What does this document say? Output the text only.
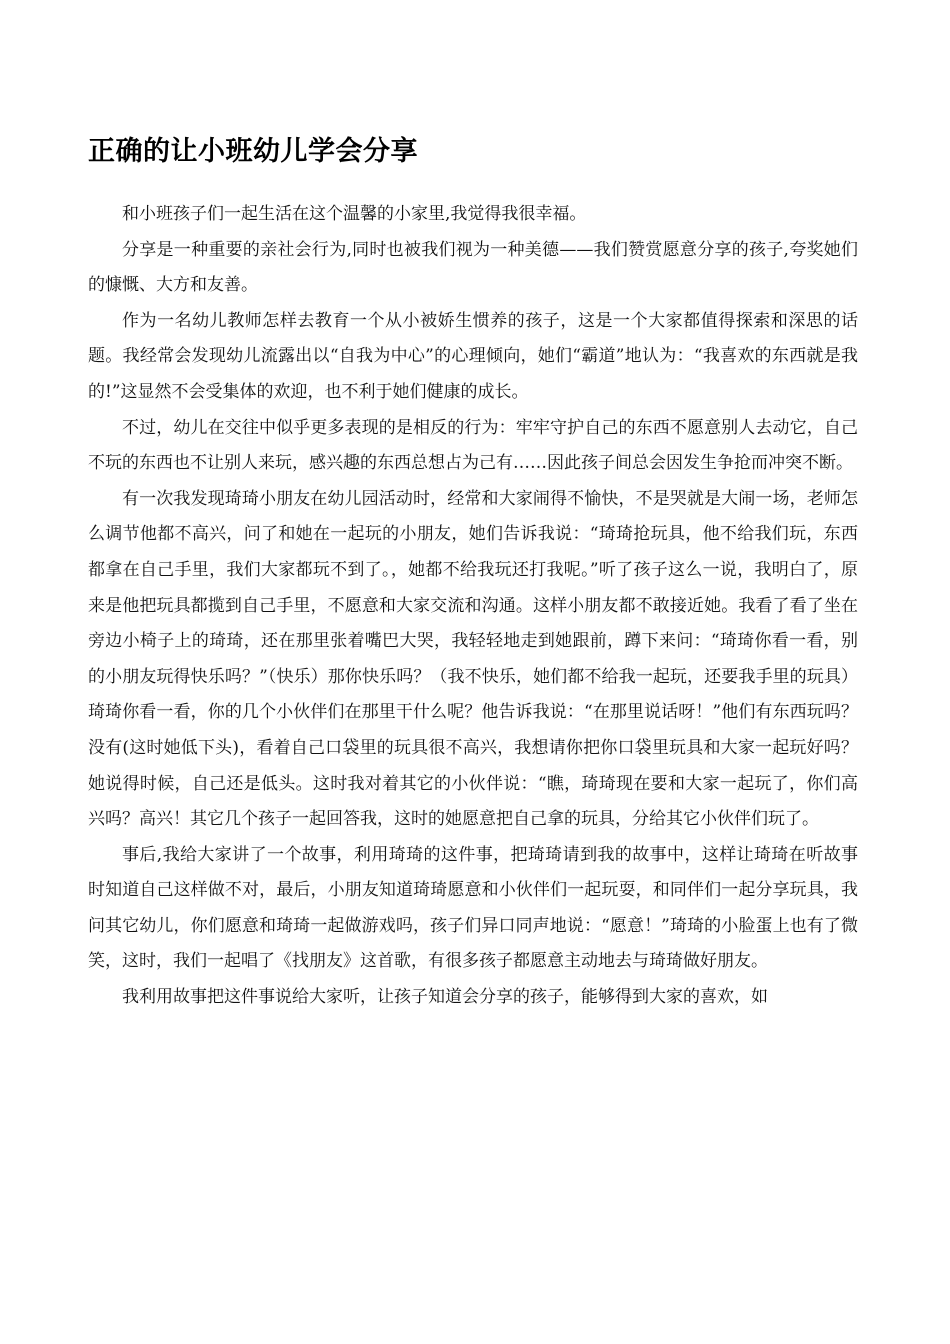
正确的让小班幼儿学会分享

和小班孩子们一起生活在这个温馨的小家里,我觉得我很幸福。

分享是一种重要的亲社会行为,同时也被我们视为一种美德——我们赞赏愿意分享的孩子,夸奖她们的慷慨、大方和友善。

作为一名幼儿教师怎样去教育一个从小被娇生惯养的孩子，这是一个大家都值得探索和深思的话题。我经常会发现幼儿流露出以“自我为中心”的心理倾向，她们“霸道”地认为：“我喜欢的东西就是我的!”这显然不会受集体的欢迎，也不利于她们健康的成长。

不过，幼儿在交往中似乎更多表现的是相反的行为：牢牢守护自己的东西不愿意别人去动它，自己不玩的东西也不让别人来玩，感兴趣的东西总想占为己有……因此孩子间总会因发生争抢而冲突不断。

有一次我发现琦琦小朋友在幼儿园活动时，经常和大家闹得不愉快，不是哭就是大闹一场，老师怎么调节他都不高兴，问了和她在一起玩的小朋友，她们告诉我说：“琦琦抢玩具，他不给我们玩，东西都拿在自己手里，我们大家都玩不到了。，她都不给我玩还打我呢。”听了孩子这么一说，我明白了，原来是他把玩具都揽到自己手里，不愿意和大家交流和沟通。这样小朋友都不敢接近她。我看了看了坐在旁边小椅子上的琦琦，还在那里张着嘴巴大哭，我轻轻地走到她跟前，蹲下来问：“琦琦你看一看，别的小朋友玩得快乐吗？”（快乐）那你快乐吗？（我不快乐，她们都不给我一起玩，还要我手里的玩具）琦琦你看一看，你的几个小伙伴们在那里干什么呢？他告诉我说：“在那里说话呀！”他们有东西玩吗？没有(这时她低下头)，看着自己口袋里的玩具很不高兴，我想请你把你口袋里玩具和大家一起玩好吗？她说得时候，自己还是低头。这时我对着其它的小伙伴说：“瞧，琦琦现在要和大家一起玩了，你们高兴吗？高兴！其它几个孩子一起回答我，这时的她愿意把自己拿的玩具，分给其它小伙伴们玩了。

事后,我给大家讲了一个故事，利用琦琦的这件事，把琦琦请到我的故事中，这样让琦琦在听故事时知道自己这样做不对，最后，小朋友知道琦琦愿意和小伙伴们一起玩耍，和同伴们一起分享玩具，我问其它幼儿，你们愿意和琦琦一起做游戏吗，孩子们异口同声地说：“愿意！”琦琦的小脸蛋上也有了微笑，这时，我们一起唱了《找朋友》这首歌，有很多孩子都愿意主动地去与琦琦做好朋友。

我利用故事把这件事说给大家听，让孩子知道会分享的孩子，能够得到大家的喜欢，如
